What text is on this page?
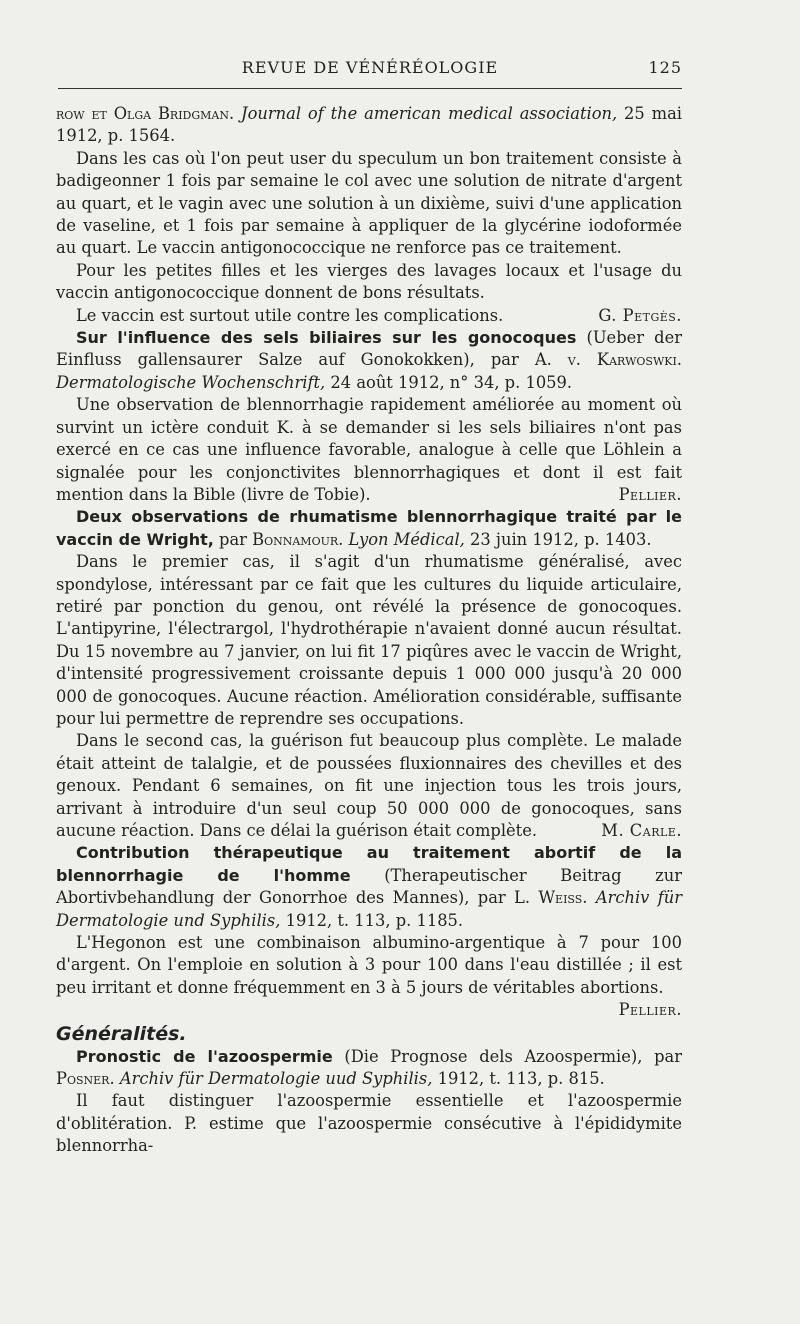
REVUE DE VÉNÉRÉOLOGIE	125

row et Olga Bridgman. Journal of the american medical association, 25 mai 1912, p. 1564.

Dans les cas où l'on peut user du speculum un bon traitement consiste à badigeonner 1 fois par semaine le col avec une solution de nitrate d'argent au quart, et le vagin avec une solution à un dixième, suivi d'une application de vaseline, et 1 fois par semaine à appliquer de la glycérine iodoformée au quart. Le vaccin antigonococcique ne renforce pas ce traitement.

Pour les petites filles et les vierges des lavages locaux et l'usage du vaccin antigonococcique donnent de bons résultats.

Le vaccin est surtout utile contre les complications.	G. Petgès.

Sur l'influence des sels biliaires sur les gonocoques (Ueber der Einfluss gallensaurer Salze auf Gonokokken), par A. v. Karwoswki. Dermatologische Wochenschrift, 24 août 1912, n° 34, p. 1059.

Une observation de blennorrhagie rapidement améliorée au moment où survint un ictère conduit K. à se demander si les sels biliaires n'ont pas exercé en ce cas une influence favorable, analogue à celle que Löhlein a signalée pour les conjonctivites blennorrhagiques et dont il est fait mention dans la Bible (livre de Tobie).	Pellier.

Deux observations de rhumatisme blennorrhagique traité par le vaccin de Wright, par Bonnamour. Lyon Médical, 23 juin 1912, p. 1403.

Dans le premier cas, il s'agit d'un rhumatisme généralisé, avec spondylose, intéressant par ce fait que les cultures du liquide articulaire, retiré par ponction du genou, ont révélé la présence de gonocoques. L'antipyrine, l'électrargol, l'hydrothérapie n'avaient donné aucun résultat. Du 15 novembre au 7 janvier, on lui fit 17 piqûres avec le vaccin de Wright, d'intensité progressivement croissante depuis 1 000 000 jusqu'à 20 000 000 de gonocoques. Aucune réaction. Amélioration considérable, suffisante pour lui permettre de reprendre ses occupations.

Dans le second cas, la guérison fut beaucoup plus complète. Le malade était atteint de talalgie, et de poussées fluxionnaires des chevilles et des genoux. Pendant 6 semaines, on fit une injection tous les trois jours, arrivant à introduire d'un seul coup 50 000 000 de gonocoques, sans aucune réaction. Dans ce délai la guérison était complète.	M. Carle.

Contribution thérapeutique au traitement abortif de la blennorrhagie de l'homme (Therapeutischer Beitrag zur Abortivbehandlung der Gonorrhoe des Mannes), par L. Weiss. Archiv für Dermatologie und Syphilis, 1912, t. 113, p. 1185.

L'Hegonon est une combinaison albumino-argentique à 7 pour 100 d'argent. On l'emploie en solution à 3 pour 100 dans l'eau distillée ; il est peu irritant et donne fréquemment en 3 à 5 jours de véritables abortions.

Pellier.

Généralités.

Pronostic de l'azoospermie (Die Prognose dels Azoospermie), par Posner. Archiv für Dermatologie uud Syphilis, 1912, t. 113, p. 815.

Il faut distinguer l'azoospermie essentielle et l'azoospermie d'oblitération. P. estime que l'azoospermie consécutive à l'épididymite blennorrha-
